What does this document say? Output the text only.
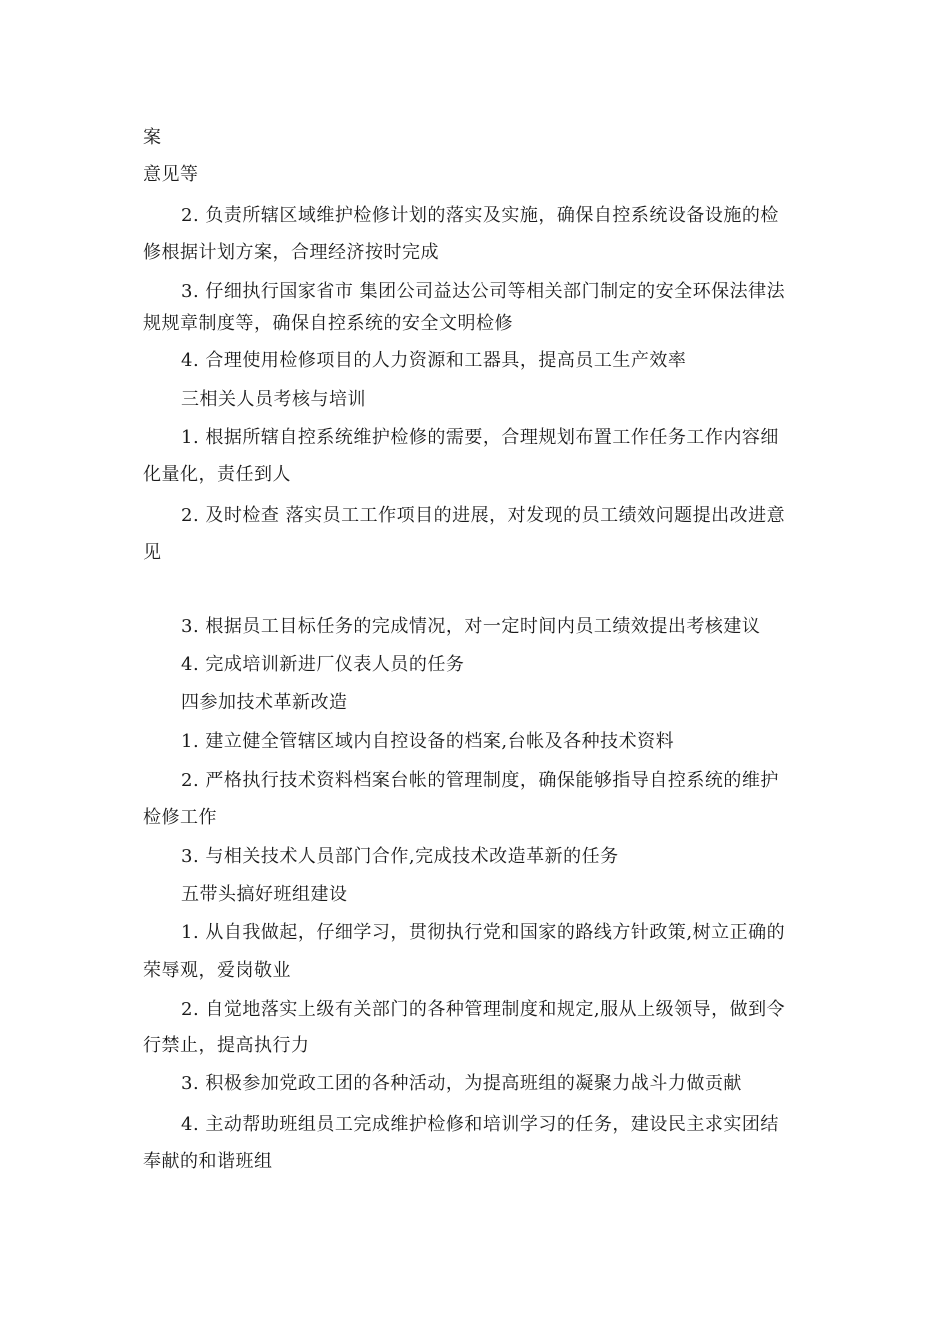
案
意见等
2. 负责所辖区域维护检修计划的落实及实施，确保自控系统设备设施的检
修根据计划方案，合理经济按时完成
3. 仔细执行国家省市 集团公司益达公司等相关部门制定的安全环保法律法
规规章制度等，确保自控系统的安全文明检修
4. 合理使用检修项目的人力资源和工器具，提高员工生产效率
三相关人员考核与培训
1. 根据所辖自控系统维护检修的需要，合理规划布置工作任务工作内容细
化量化，责任到人
2. 及时检查 落实员工工作项目的进展，对发现的员工绩效问题提出改进意
见
3. 根据员工目标任务的完成情况，对一定时间内员工绩效提出考核建议
4. 完成培训新进厂仪表人员的任务
四参加技术革新改造
1. 建立健全管辖区域内自控设备的档案,台帐及各种技术资料
2. 严格执行技术资料档案台帐的管理制度，确保能够指导自控系统的维护
检修工作
3. 与相关技术人员部门合作,完成技术改造革新的任务
五带头搞好班组建设
1. 从自我做起，仔细学习，贯彻执行党和国家的路线方针政策,树立正确的
荣辱观，爱岗敬业
2. 自觉地落实上级有关部门的各种管理制度和规定,服从上级领导，做到令
行禁止，提高执行力
3. 积极参加党政工团的各种活动，为提高班组的凝聚力战斗力做贡献
4. 主动帮助班组员工完成维护检修和培训学习的任务，建设民主求实团结
奉献的和谐班组
